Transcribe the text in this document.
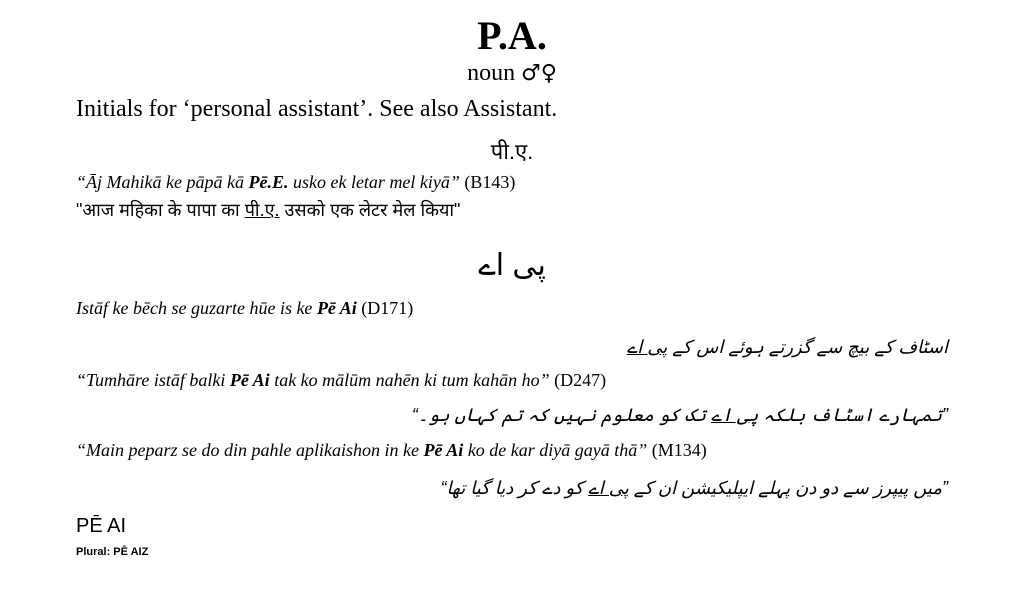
P.A.
noun ♂♀
Initials for ‘personal assistant’. See also Assistant.
पी.ए.
“Āj Mahikā ke pāpā kā Pē.E. usko ek letar mel kiyā” (B143)
"आज महिका के पापा का पी.ए. उसको एक लेटर मेल किया"
پی اے
Istāf ke bēch se guzarte hūe is ke Pē Ai (D171)
اسٹاف کے بیچ سے گزرتے ہوئے اس کے پی اے
“Tumhāre istāf balki Pē Ai tak ko mālūm nahēn ki tum kahān ho” (D247)
”تمہارے اسٹاف بلکہ پی اے تک کو معلوم نہیں کہ تم کہاں ہو۔“
“Main peparz se do din pahle aplikaishon in ke Pē Ai ko de kar diyā gayā thā” (M134)
”میں پیپرز سے دو دن پہلے ایپلیکیشن ان کے پی اے کو دے کر دیا گیا تھا“
PĒ AI
Plural: PĒ AIZ
